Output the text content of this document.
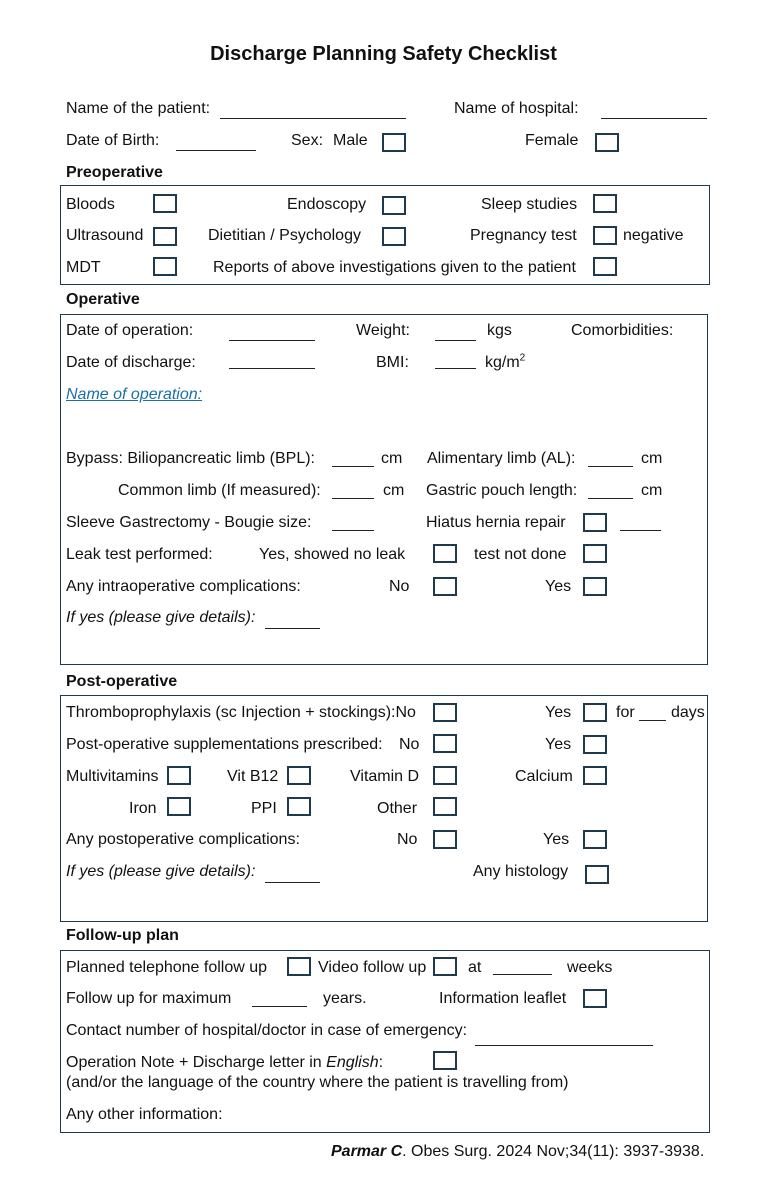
Discharge Planning Safety Checklist
Name of the patient:	Name of hospital:
Date of Birth:	Sex: Male	Female
Preoperative
Bloods	Endoscopy	Sleep studies
Ultrasound	Dietitian / Psychology	Pregnancy test	negative
MDT	Reports of above investigations given to the patient
Operative
Date of operation:	Weight:	kgs	Comorbidities:
Date of discharge:	BMI:	$kg/m^2$
Name of operation:
Bypass: Biliopancreatic limb (BPL):	cm Alimentary limb (AL):	cm
Common limb (If measured):	cm Gastric pouch length:	cm
Sleeve Gastrectomy - Bougie size:	Hiatus hernia repair
Leak test performed:	Yes, showed no leak	test not done
Any intraoperative complications:	No	Yes
If yes (please give details):
Post-operative
Thromboprophylaxis (sc Injection + stockings):No	Yes	for days
Post-operative supplementations prescribed: No	Yes
Multivitamins	Vit B12	Vitamin D	Calcium
Iron	PPI	Other
Any postoperative complications:	No	Yes
If yes (please give details):	Any histology
Follow-up plan
Planned telephone follow up	Video follow up	at	weeks
Follow up for maximum	years.	Information leaflet
Contact number of hospital/doctor in case of emergency:
Operation Note + Discharge letter in English:
(and/or the language of the country where the patient is travelling from)
Any other information:
Parmar C. Obes Surg. 2024 Nov;34(11): 3937-3938.
